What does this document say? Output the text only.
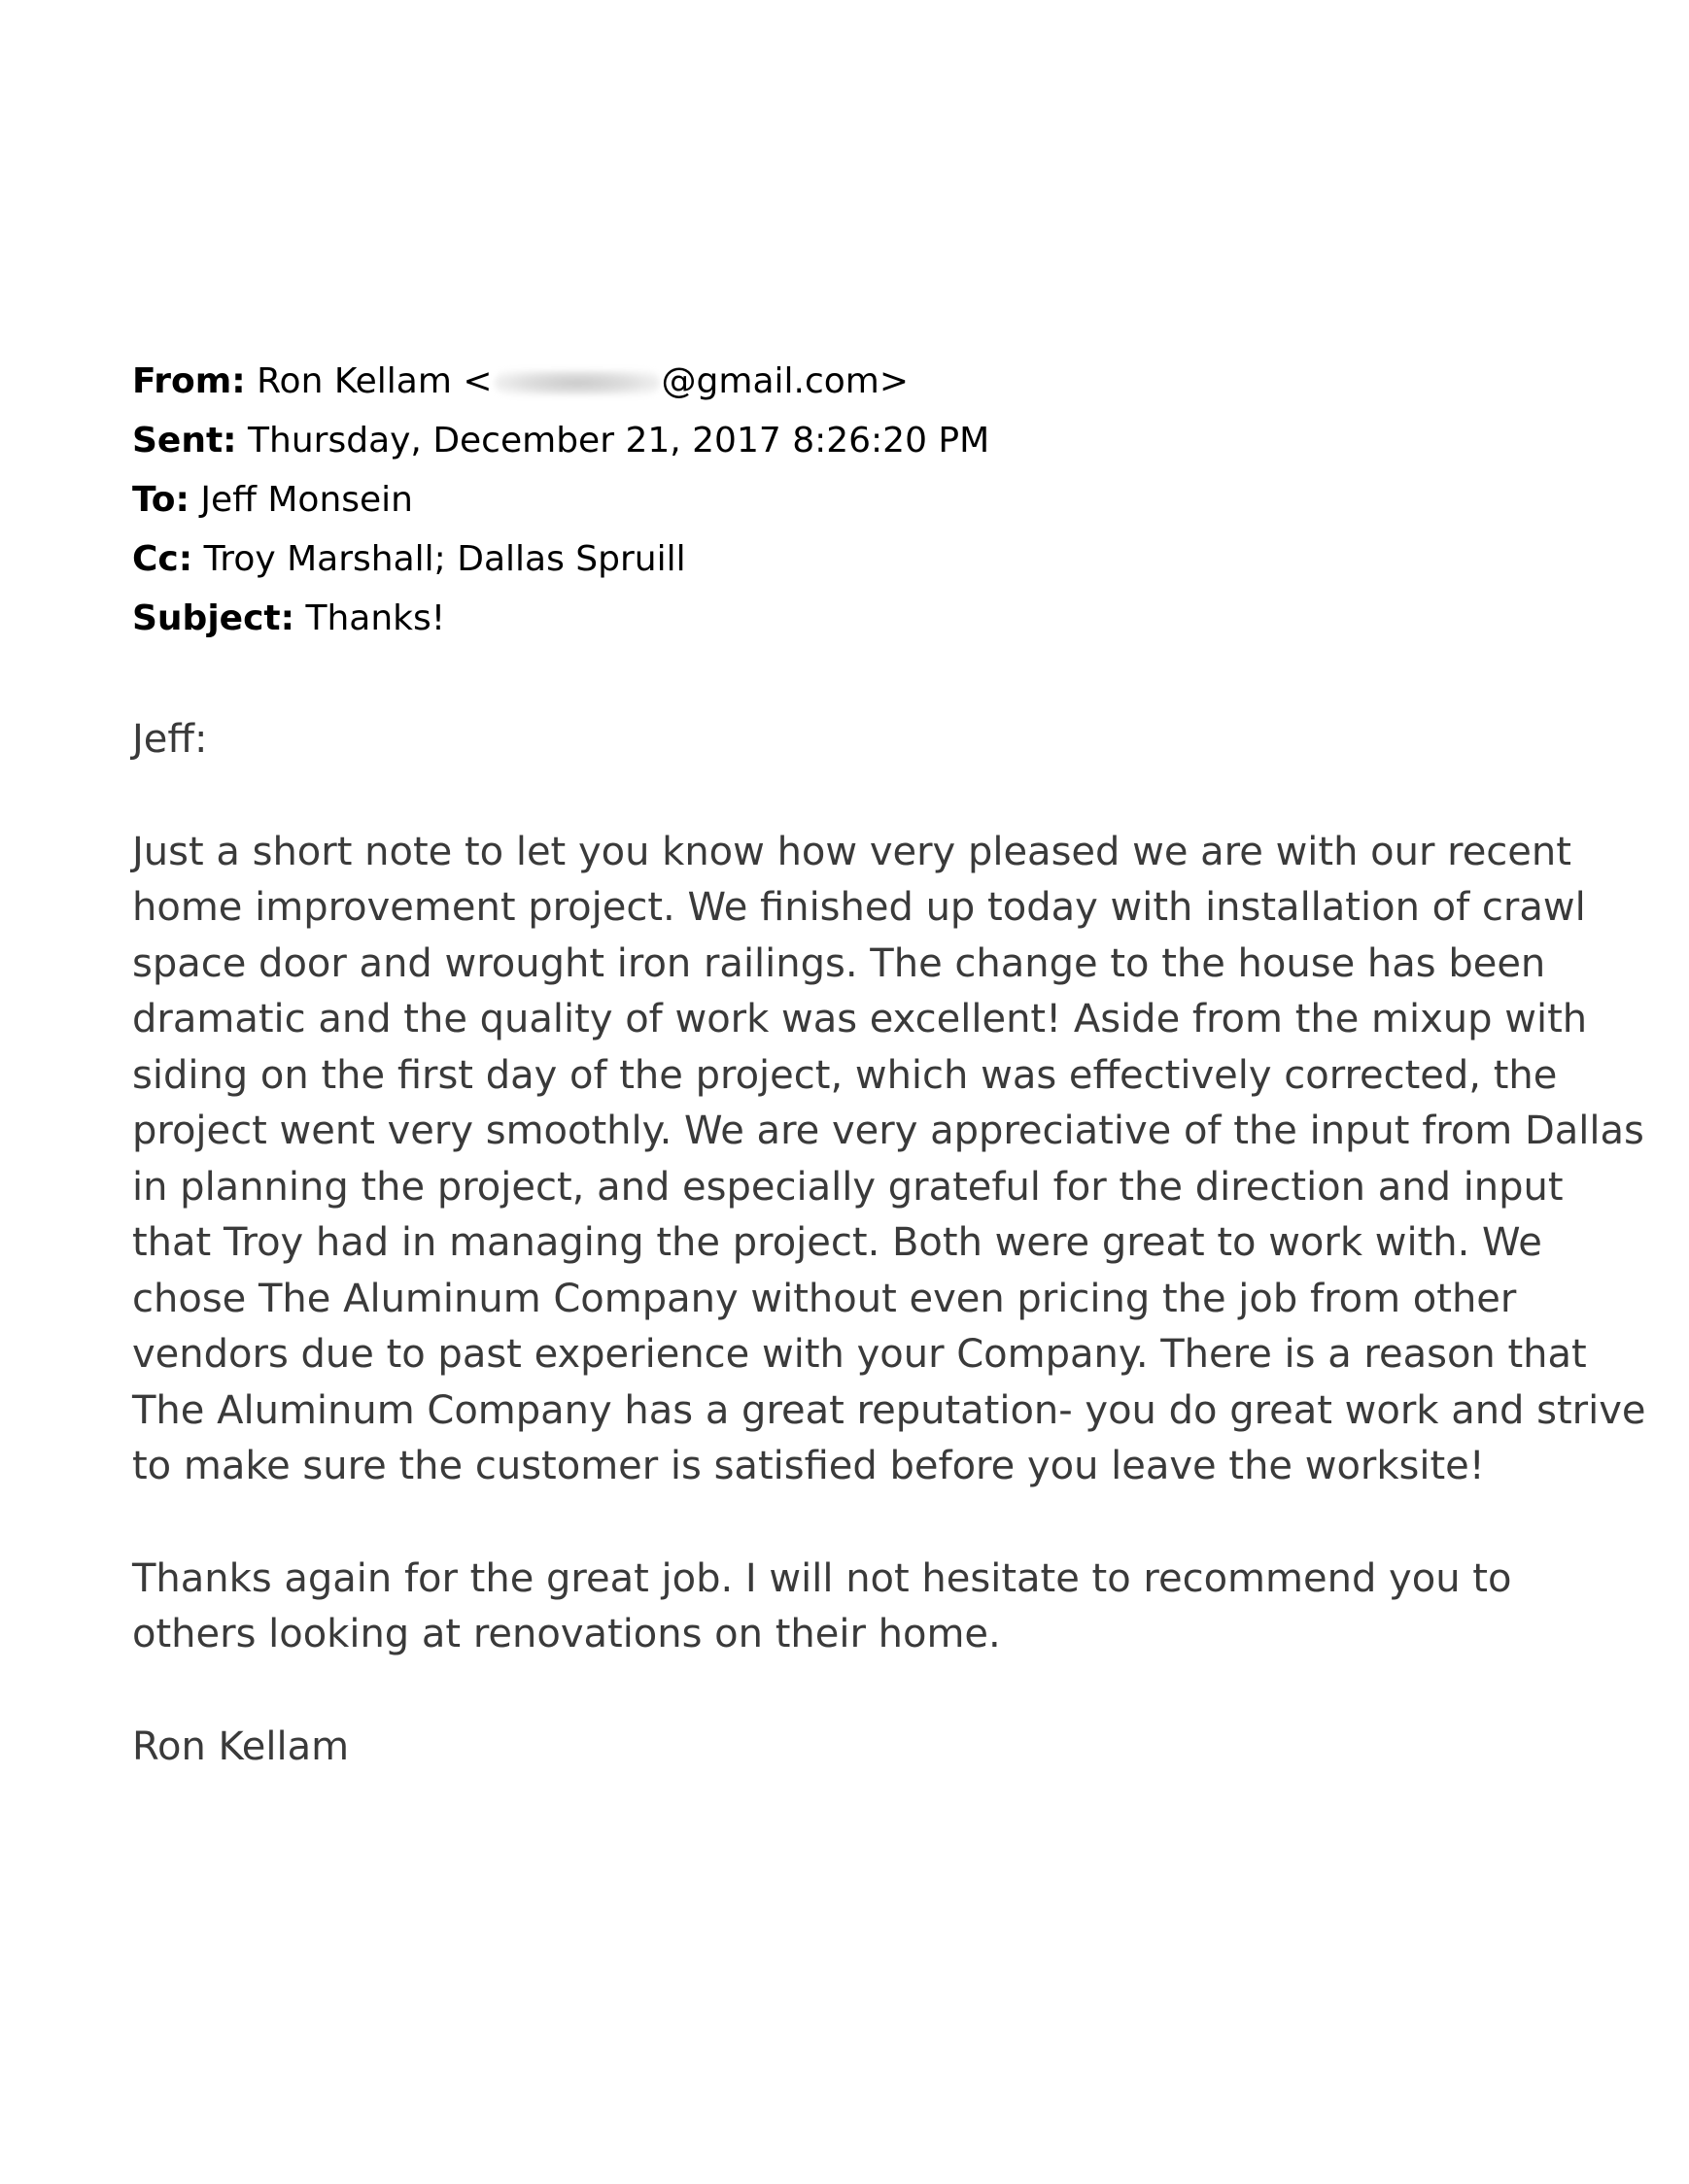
From: Ron Kellam <	@gmail.com>
Sent: Thursday, December 21, 2017 8:26:20 PM
To: Jeff Monsein
Cc: Troy Marshall; Dallas Spruill
Subject: Thanks!
Jeff:
Just a short note to let you know how very pleased we are with our recent
home improvement project. We finished up today with installation of crawl
space door and wrought iron railings. The change to the house has been
dramatic and the quality of work was excellent! Aside from the mixup with
siding on the first day of the project, which was effectively corrected, the
project went very smoothly. We are very appreciative of the input from Dallas
in planning the project, and especially grateful for the direction and input
that Troy had in managing the project. Both were great to work with. We
chose The Aluminum Company without even pricing the job from other
vendors due to past experience with your Company. There is a reason that
The Aluminum Company has a great reputation- you do great work and strive
to make sure the customer is satisfied before you leave the worksite!
Thanks again for the great job. I will not hesitate to recommend you to
others looking at renovations on their home.
Ron Kellam
